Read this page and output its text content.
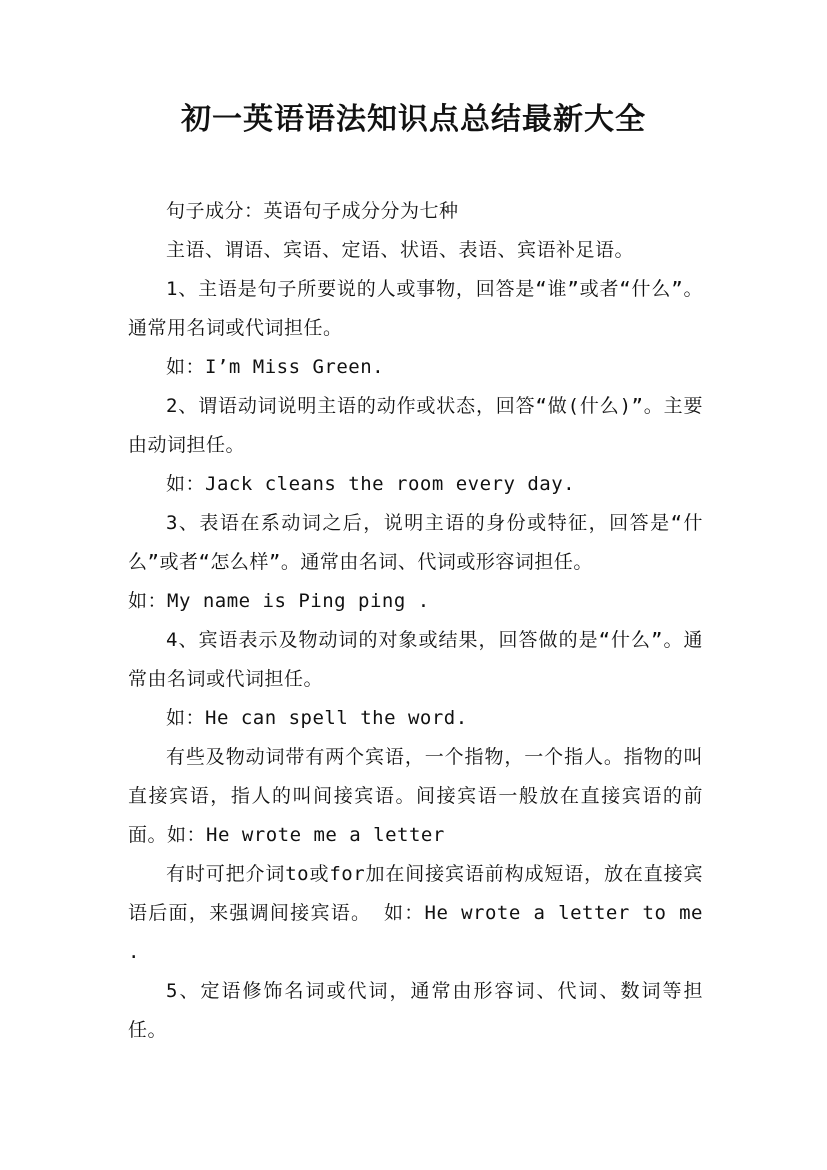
初一英语语法知识点总结最新大全

句子成分：英语句子成分分为七种

主语、谓语、宾语、定语、状语、表语、宾语补足语。

1、主语是句子所要说的人或事物，回答是“谁”或者“什么”。通常用名词或代词担任。

如：I’m Miss Green.

2、谓语动词说明主语的动作或状态，回答“做(什么)”。主要由动词担任。

如：Jack cleans the room every day.

3、表语在系动词之后，说明主语的身份或特征，回答是“什么”或者“怎么样”。通常由名词、代词或形容词担任。

如：My name is Ping ping .

4、宾语表示及物动词的对象或结果，回答做的是“什么”。通常由名词或代词担任。

如：He can spell the word.

有些及物动词带有两个宾语，一个指物，一个指人。指物的叫直接宾语，指人的叫间接宾语。间接宾语一般放在直接宾语的前面。如：He wrote me a letter

有时可把介词to或for加在间接宾语前构成短语，放在直接宾语后面，来强调间接宾语。 如：He wrote a letter to me .

5、定语修饰名词或代词，通常由形容词、代词、数词等担任。
